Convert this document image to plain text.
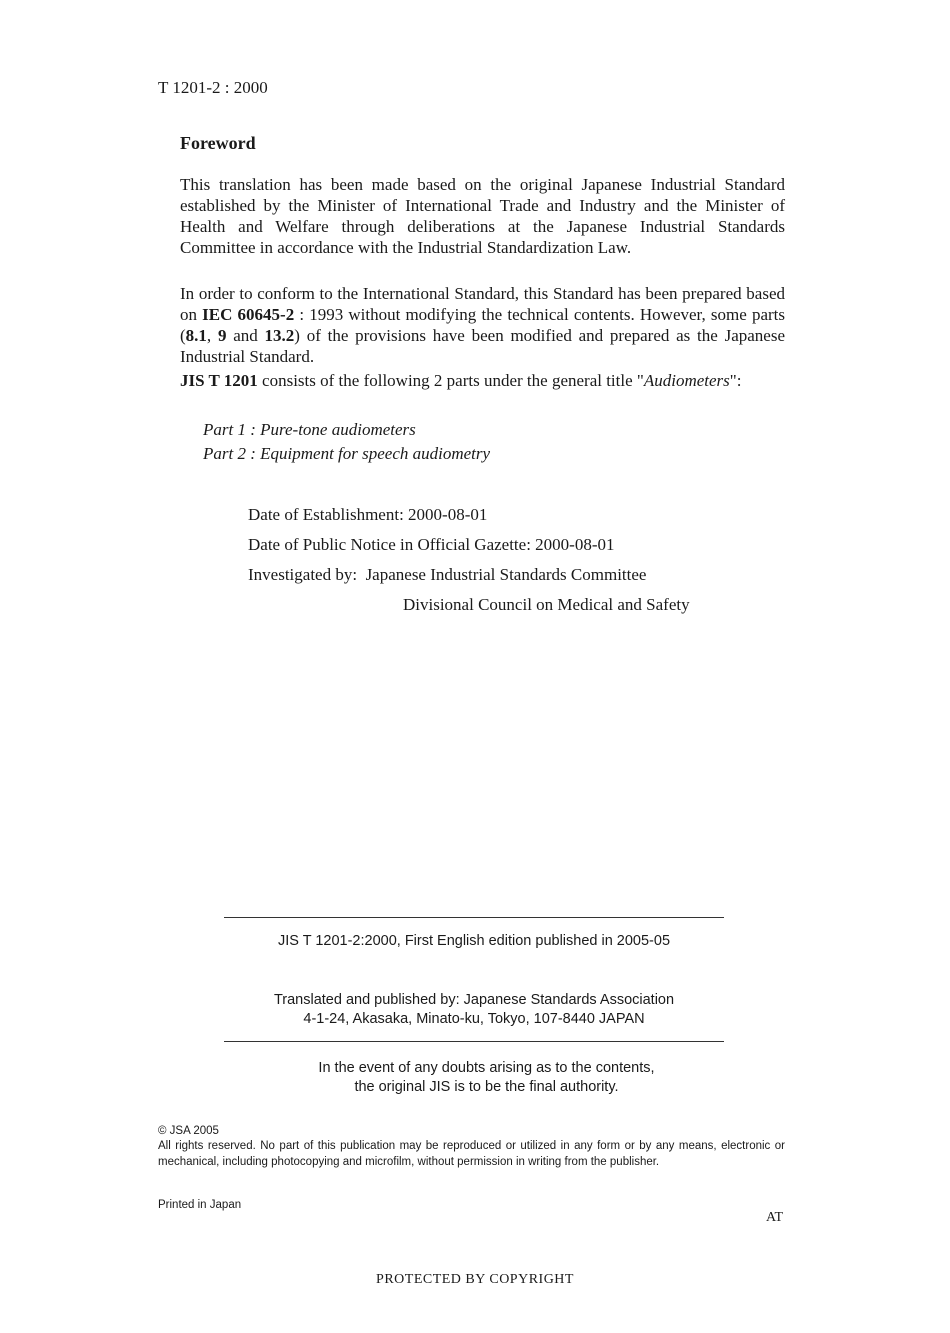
T 1201-2 : 2000
Foreword

This translation has been made based on the original Japanese Industrial Standard established by the Minister of International Trade and Industry and the Minister of Health and Welfare through deliberations at the Japanese Industrial Standards Committee in accordance with the Industrial Standardization Law.

In order to conform to the International Standard, this Standard has been prepared based on IEC 60645-2 : 1993 without modifying the technical contents. However, some parts (8.1, 9 and 13.2) of the provisions have been modified and prepared as the Japanese Industrial Standard.

JIS T 1201 consists of the following 2 parts under the general title "Audiometers":

Part 1 : Pure-tone audiometers
Part 2 : Equipment for speech audiometry
Date of Establishment: 2000-08-01
Date of Public Notice in Official Gazette: 2000-08-01
Investigated by: Japanese Industrial Standards Committee
Divisional Council on Medical and Safety
JIS T 1201-2:2000, First English edition published in 2005-05
Translated and published by: Japanese Standards Association
4-1-24, Akasaka, Minato-ku, Tokyo, 107-8440 JAPAN
In the event of any doubts arising as to the contents,
the original JIS is to be the final authority.
© JSA 2005
All rights reserved. No part of this publication may be reproduced or utilized in any form or by any means, electronic or mechanical, including photocopying and microfilm, without permission in writing from the publisher.
Printed in Japan
AT
PROTECTED BY COPYRIGHT
